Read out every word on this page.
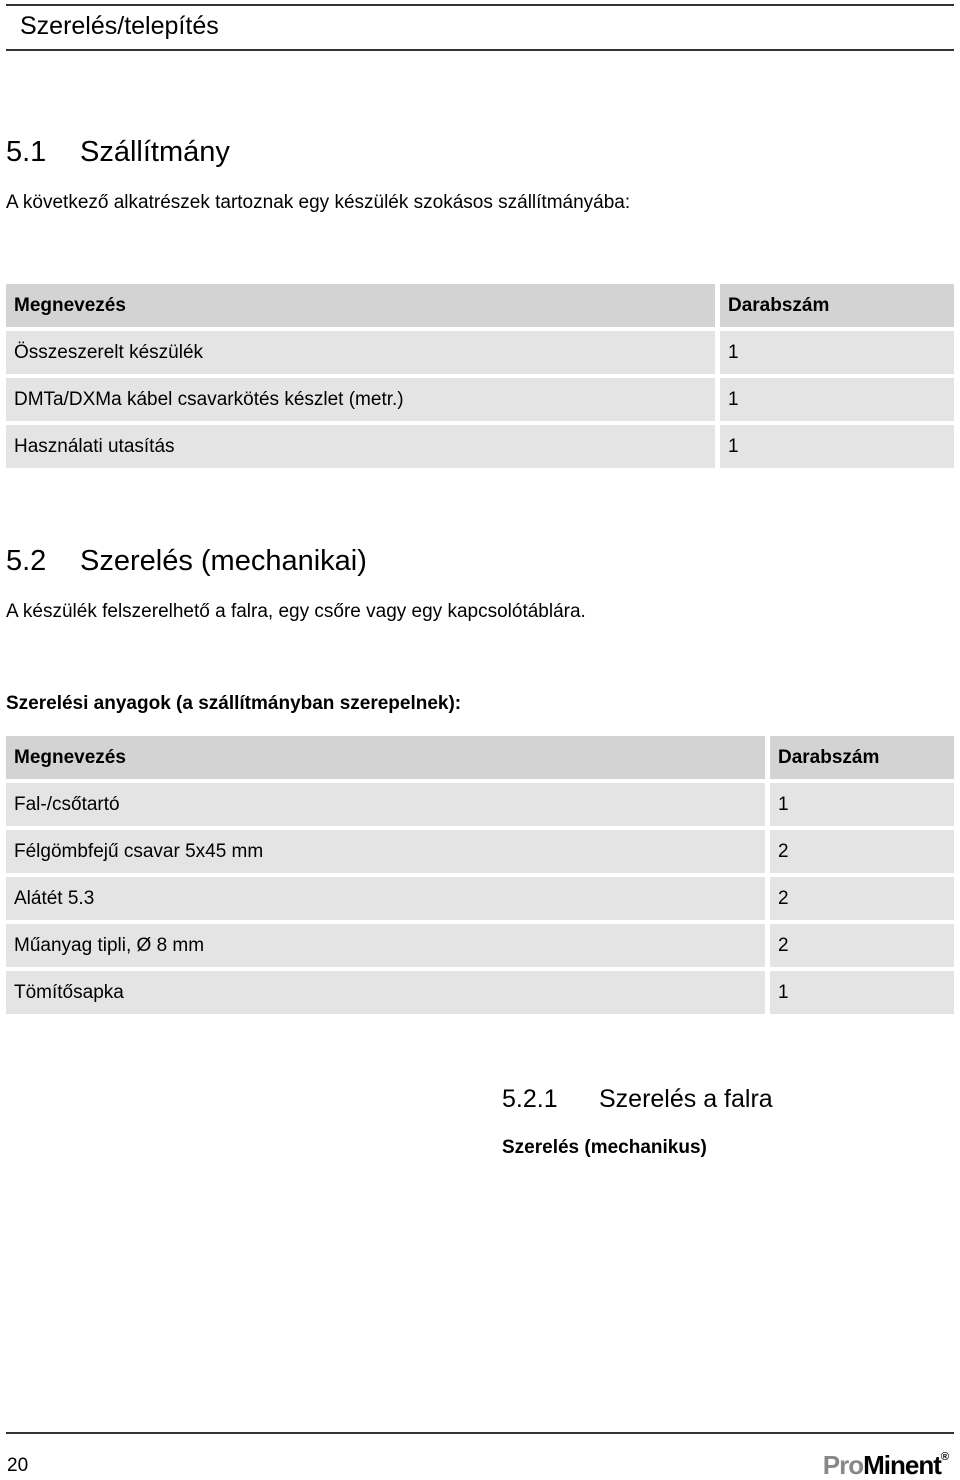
Szerelés/telepítés
5.1 Szállítmány
A következő alkatrészek tartoznak egy készülék szokásos szállítmányába:
Megnevezés	Darabszám
Összeszerelt készülék	1
DMTa/DXMa kábel csavarkötés készlet (metr.)	1
Használati utasítás	1
5.2 Szerelés (mechanikai)
A készülék felszerelhető a falra, egy csőre vagy egy kapcsolótáblára.
Szerelési anyagok (a szállítmányban szerepelnek):
Megnevezés	Darabszám
Fal-/csőtartó	1
Félgömbfejű csavar 5x45 mm	2
Alátét 5.3	2
Műanyag tipli, Ø 8 mm	2
Tömítősapka	1
5.2.1 Szerelés a falra
Szerelés (mechanikus)
20	ProMinent®
